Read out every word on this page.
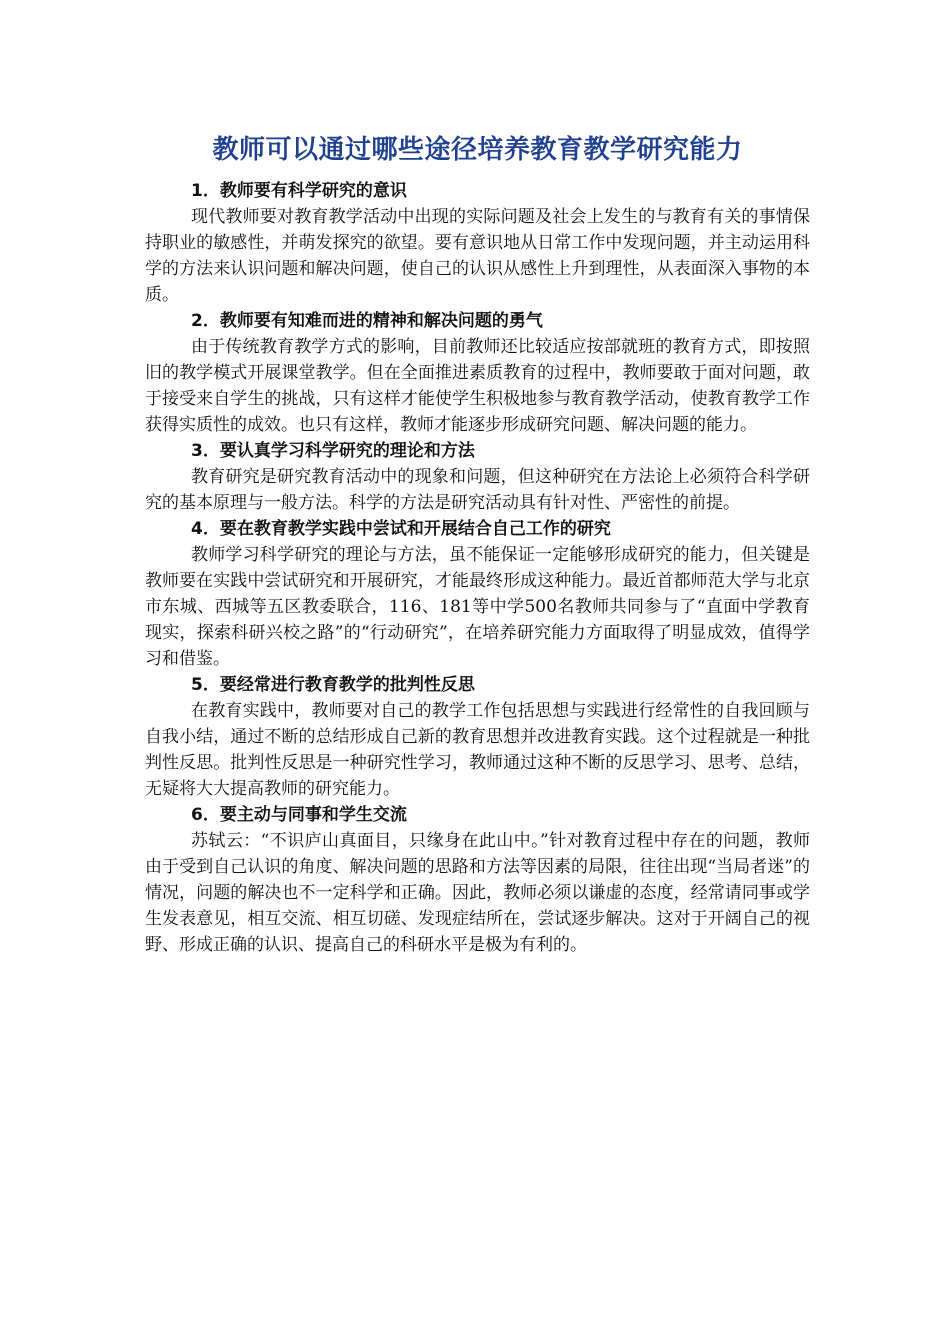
教师可以通过哪些途径培养教育教学研究能力

1．教师要有科学研究的意识

现代教师要对教育教学活动中出现的实际问题及社会上发生的与教育有关的事情保持职业的敏感性，并萌发探究的欲望。要有意识地从日常工作中发现问题，并主动运用科学的方法来认识问题和解决问题，使自己的认识从感性上升到理性，从表面深入事物的本质。

2．教师要有知难而进的精神和解决问题的勇气

由于传统教育教学方式的影响，目前教师还比较适应按部就班的教育方式，即按照旧的教学模式开展课堂教学。但在全面推进素质教育的过程中，教师要敢于面对问题，敢于接受来自学生的挑战，只有这样才能使学生积极地参与教育教学活动，使教育教学工作获得实质性的成效。也只有这样，教师才能逐步形成研究问题、解决问题的能力。

3．要认真学习科学研究的理论和方法

教育研究是研究教育活动中的现象和问题，但这种研究在方法论上必须符合科学研究的基本原理与一般方法。科学的方法是研究活动具有针对性、严密性的前提。

4．要在教育教学实践中尝试和开展结合自己工作的研究

教师学习科学研究的理论与方法，虽不能保证一定能够形成研究的能力，但关键是教师要在实践中尝试研究和开展研究，才能最终形成这种能力。最近首都师范大学与北京市东城、西城等五区教委联合，116、181等中学500名教师共同参与了“直面中学教育现实，探索科研兴校之路”的“行动研究”，在培养研究能力方面取得了明显成效，值得学习和借鉴。

5．要经常进行教育教学的批判性反思

在教育实践中，教师要对自己的教学工作包括思想与实践进行经常性的自我回顾与自我小结，通过不断的总结形成自己新的教育思想并改进教育实践。这个过程就是一种批判性反思。批判性反思是一种研究性学习，教师通过这种不断的反思学习、思考、总结，无疑将大大提高教师的研究能力。

6．要主动与同事和学生交流

苏轼云：“不识庐山真面目，只缘身在此山中。”针对教育过程中存在的问题，教师由于受到自己认识的角度、解决问题的思路和方法等因素的局限，往往出现“当局者迷”的情况，问题的解决也不一定科学和正确。因此，教师必须以谦虚的态度，经常请同事或学生发表意见，相互交流、相互切磋、发现症结所在，尝试逐步解决。这对于开阔自己的视野、形成正确的认识、提高自己的科研水平是极为有利的。
